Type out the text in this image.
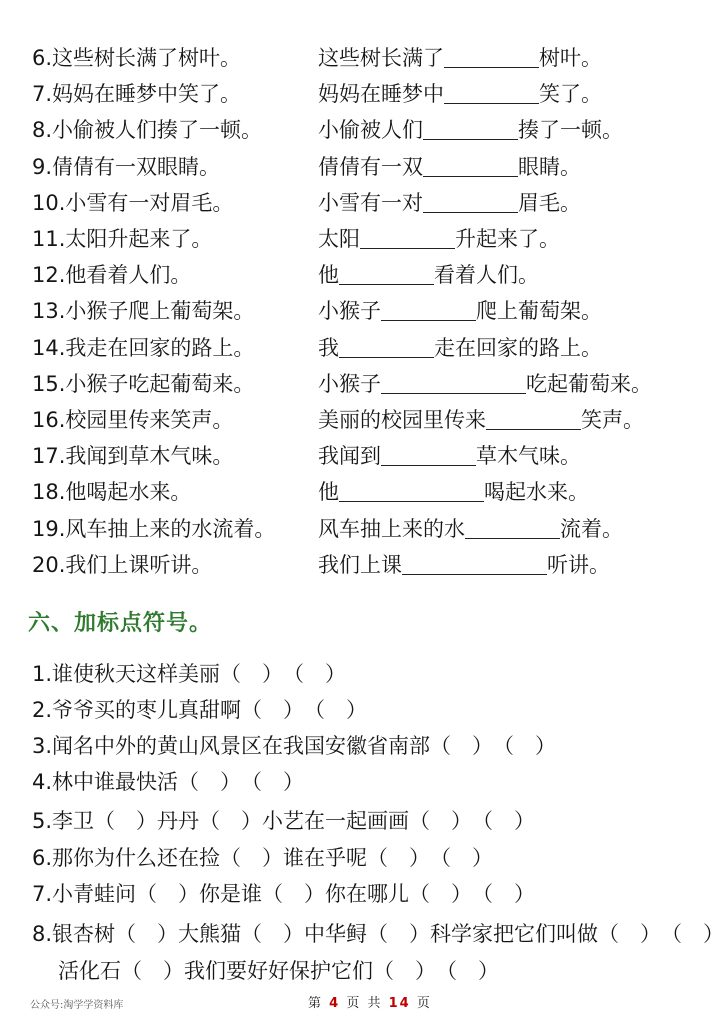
6.这些树长满了树叶。	这些树长满了	树叶。
7.妈妈在睡梦中笑了。	妈妈在睡梦中	笑了。
8.小偷被人们揍了一顿。	小偷被人们	揍了一顿。
9.倩倩有一双眼睛。	倩倩有一双	眼睛。
10.小雪有一对眉毛。	小雪有一对	眉毛。
11.太阳升起来了。	太阳	升起来了。
12.他看着人们。	他	看着人们。
13.小猴子爬上葡萄架。	小猴子	爬上葡萄架。
14.我走在回家的路上。	我	走在回家的路上。
15.小猴子吃起葡萄来。	小猴子	吃起葡萄来。
16.校园里传来笑声。	美丽的校园里传来	笑声。
17.我闻到草木气味。	我闻到	草木气味。
18.他喝起水来。	他	喝起水来。
19.风车抽上来的水流着。 风车抽上来的水	流着。
20.我们上课听讲。	我们上课	听讲。
六、加标点符号。
1.谁使秋天这样美丽（　）（　）
2.爷爷买的枣儿真甜啊（　）（　）
3.闻名中外的黄山风景区在我国安徽省南部（　）（　）
4.林中谁最快活（　）（　）
5.李卫（　）丹丹（　）小艺在一起画画（　）（　）
6.那你为什么还在捡（　）谁在乎呢（　）（　）
7.小青蛙问（　）你是谁（　）你在哪儿（　）（　）
8.银杏树（　）大熊猫（　）中华鲟（　）科学家把它们叫做（　）（　）
活化石（　）我们要好好保护它们（　）（　）
公众号:淘学学资料库	第 4 页 共 14 页
